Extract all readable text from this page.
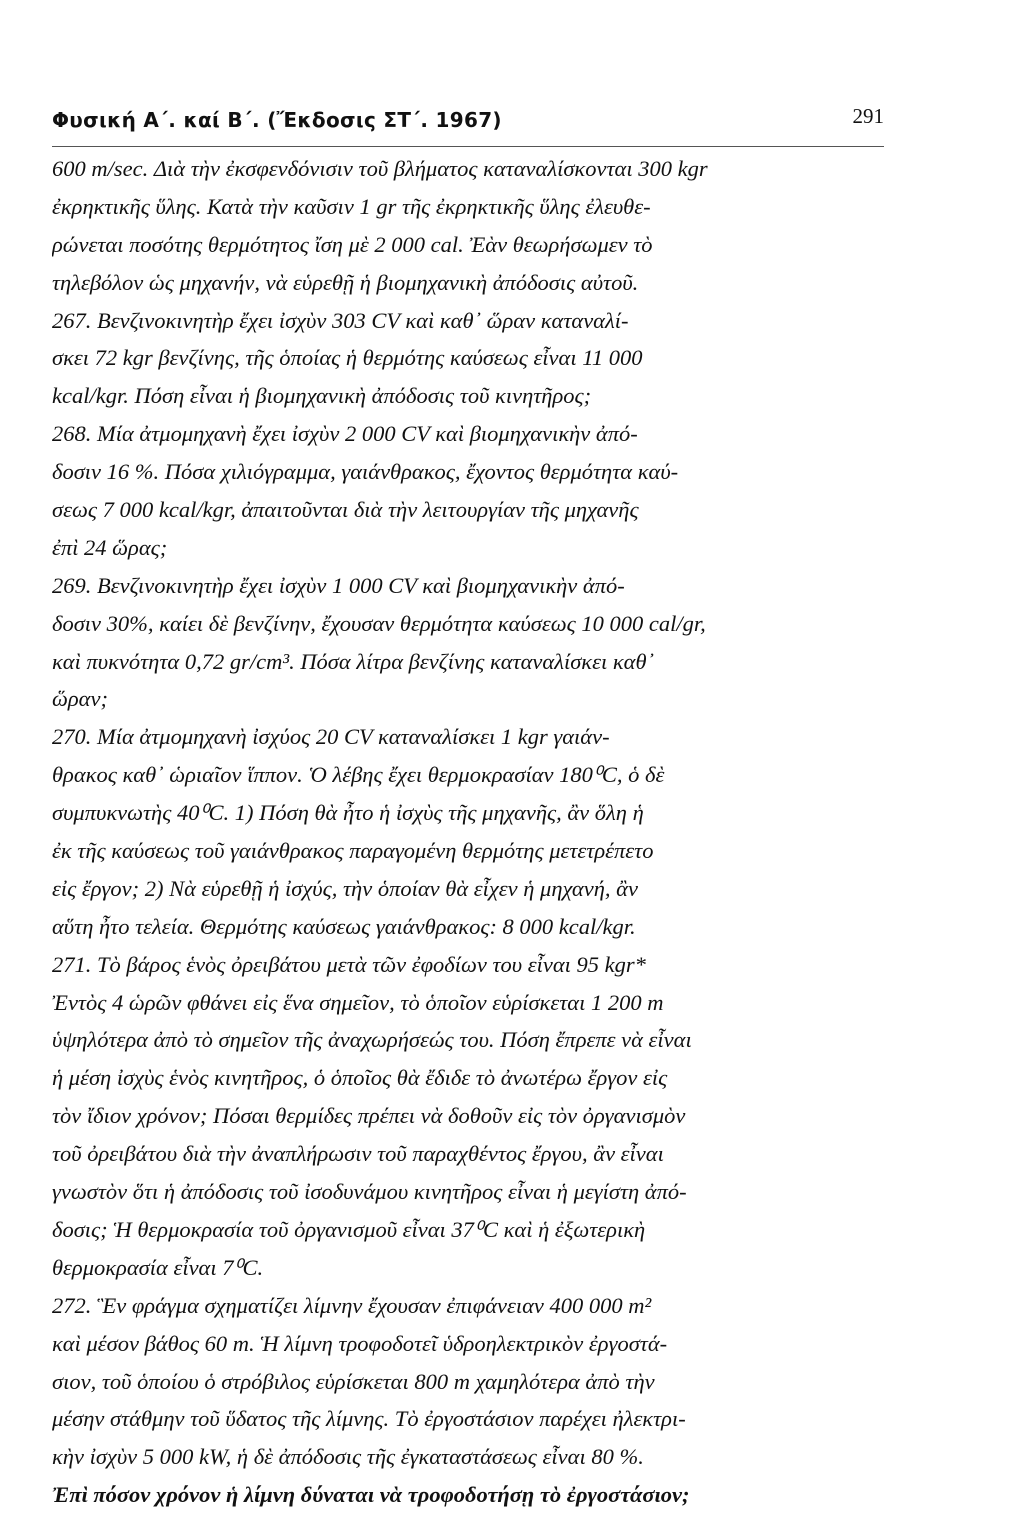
Φυσική Α΄. καί Β΄. (Ἔκδοσις ΣΤ΄. 1967)	291
600 m/sec. Διὰ τὴν ἐκσφενδόνισιν τοῦ βλήματος καταναλίσκονται 300 kgr
ἐκρηκτικῆς ὕλης. Κατὰ τὴν καῦσιν 1 gr τῆς ἐκρηκτικῆς ὕλης ἐλευθε-
ρώνεται ποσότης θερμότητος ἴση μὲ 2 000 cal. Ἐὰν θεωρήσωμεν τὸ
τηλεβόλον ὡς μηχανήν, νὰ εὑρεθῇ ἡ βιομηχανικὴ ἀπόδοσις αὐτοῦ.
267. Βενζινοκινητὴρ ἔχει ἰσχὺν 303 CV καὶ καθ᾽ ὥραν καταναλί-
σκει 72 kgr βενζίνης, τῆς ὁποίας ἡ θερμότης καύσεως εἶναι 11 000
kcal/kgr. Πόση εἶναι ἡ βιομηχανικὴ ἀπόδοσις τοῦ κινητῆρος;
268. Μία ἀτμομηχανὴ ἔχει ἰσχὺν 2 000 CV καὶ βιομηχανικὴν ἀπό-
δοσιν 16 %. Πόσα χιλιόγραμμα, γαιάνθρακος, ἔχοντος θερμότητα καύ-
σεως 7 000 kcal/kgr, ἀπαιτοῦνται διὰ τὴν λειτουργίαν τῆς μηχανῆς
ἐπὶ 24 ὥρας;
269. Βενζινοκινητὴρ ἔχει ἰσχὺν 1 000 CV καὶ βιομηχανικὴν ἀπό-
δοσιν 30%, καίει δὲ βενζίνην, ἔχουσαν θερμότητα καύσεως 10 000 cal/gr,
καὶ πυκνότητα 0,72 gr/cm³. Πόσα λίτρα βενζίνης καταναλίσκει καθ᾽
ὥραν;
270. Μία ἀτμομηχανὴ ἰσχύος 20 CV καταναλίσκει 1 kgr γαιάν-
θρακος καθ᾽ ὡριαῖον ἵππον. Ὁ λέβης ἔχει θερμοκρασίαν 180⁰C, ὁ δὲ
συμπυκνωτὴς 40⁰C. 1) Πόση θὰ ἦτο ἡ ἰσχὺς τῆς μηχανῆς, ἂν ὅλη ἡ
ἐκ τῆς καύσεως τοῦ γαιάνθρακος παραγομένη θερμότης μετετρέπετο
εἰς ἔργον; 2) Νὰ εὑρεθῇ ἡ ἰσχύς, τὴν ὁποίαν θὰ εἶχεν ἡ μηχανή, ἂν
αὕτη ἦτο τελεία. Θερμότης καύσεως γαιάνθρακος: 8 000 kcal/kgr.
271. Τὸ βάρος ἑνὸς ὀρειβάτου μετὰ τῶν ἐφοδίων του εἶναι 95 kgr*
Ἐντὸς 4 ὡρῶν φθάνει εἰς ἕνα σημεῖον, τὸ ὁποῖον εὑρίσκεται 1 200 m
ὑψηλότερα ἀπὸ τὸ σημεῖον τῆς ἀναχωρήσεώς του. Πόση ἔπρεπε νὰ εἶναι
ἡ μέση ἰσχὺς ἑνὸς κινητῆρος, ὁ ὁποῖος θὰ ἔδιδε τὸ ἀνωτέρω ἔργον εἰς
τὸν ἴδιον χρόνον; Πόσαι θερμίδες πρέπει νὰ δοθοῦν εἰς τὸν ὀργανισμὸν
τοῦ ὀρειβάτου διὰ τὴν ἀναπλήρωσιν τοῦ παραχθέντος ἔργου, ἂν εἶναι
γνωστὸν ὅτι ἡ ἀπόδοσις τοῦ ἰσοδυνάμου κινητῆρος εἶναι ἡ μεγίστη ἀπό-
δοσις; Ἡ θερμοκρασία τοῦ ὀργανισμοῦ εἶναι 37⁰C καὶ ἡ ἐξωτερικὴ
θερμοκρασία εἶναι 7⁰C.
272. Ἓν φράγμα σχηματίζει λίμνην ἔχουσαν ἐπιφάνειαν 400 000 m²
καὶ μέσον βάθος 60 m. Ἡ λίμνη τροφοδοτεῖ ὑδροηλεκτρικὸν ἐργοστά-
σιον, τοῦ ὁποίου ὁ στρόβιλος εὑρίσκεται 800 m χαμηλότερα ἀπὸ τὴν
μέσην στάθμην τοῦ ὕδατος τῆς λίμνης. Τὸ ἐργοστάσιον παρέχει ἠλεκτρι-
κὴν ἰσχὺν 5 000 kW, ἡ δὲ ἀπόδοσις τῆς ἐγκαταστάσεως εἶναι 80 %.
Ἐπὶ πόσον χρόνον ἡ λίμνη δύναται νὰ τροφοδοτήσῃ τὸ ἐργοστάσιον;
